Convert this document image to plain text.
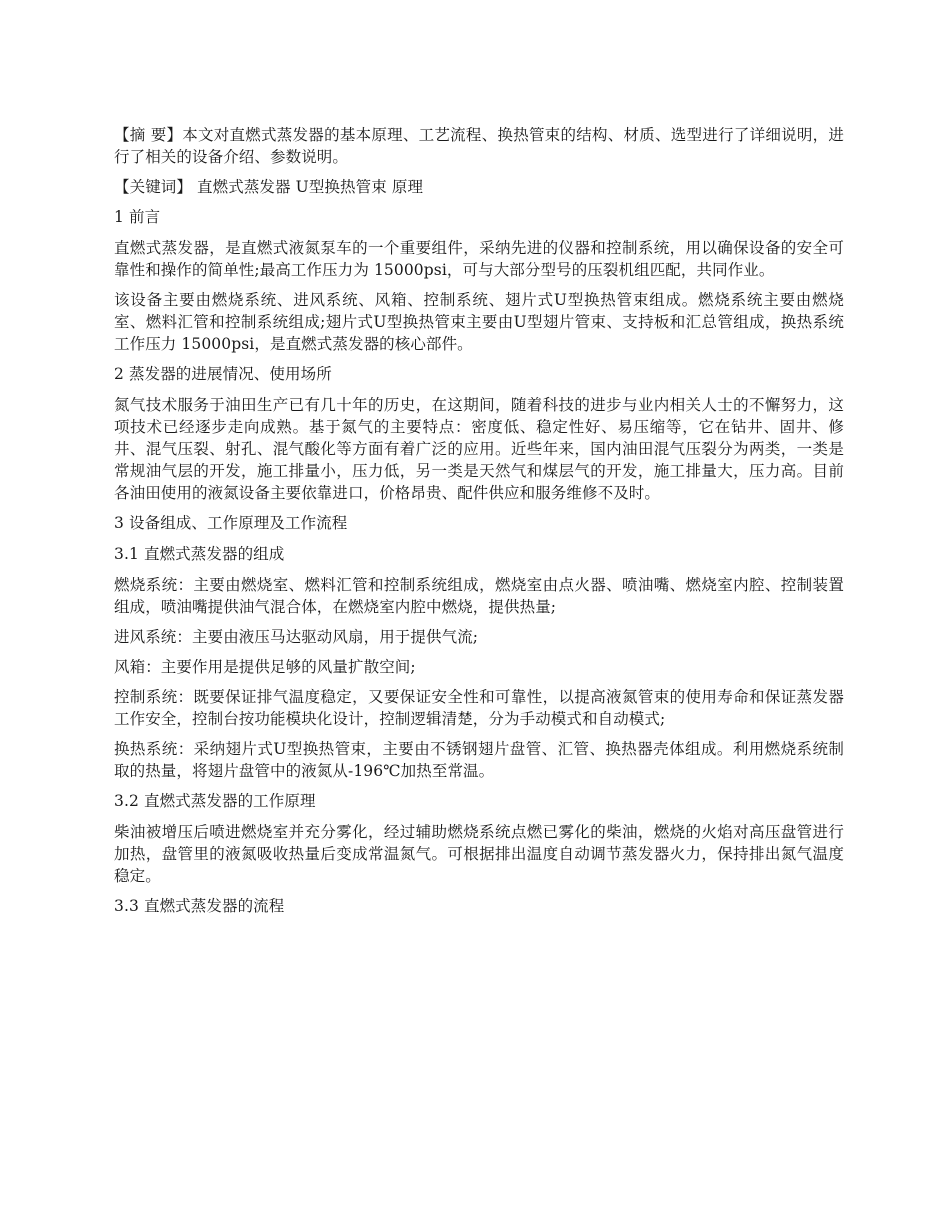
【摘 要】本文对直燃式蒸发器的基本原理、工艺流程、换热管束的结构、材质、选型进行了详细说明，进行了相关的设备介绍、参数说明。

【关键词】 直燃式蒸发器 U型换热管束 原理

1 前言

直燃式蒸发器，是直燃式液氮泵车的一个重要组件，采纳先进的仪器和控制系统，用以确保设备的安全可靠性和操作的简单性;最高工作压力为 15000psi，可与大部分型号的压裂机组匹配，共同作业。

该设备主要由燃烧系统、进风系统、风箱、控制系统、翅片式U型换热管束组成。燃烧系统主要由燃烧室、燃料汇管和控制系统组成;翅片式U型换热管束主要由U型翅片管束、支持板和汇总管组成，换热系统工作压力 15000psi，是直燃式蒸发器的核心部件。

2 蒸发器的进展情况、使用场所

氮气技术服务于油田生产已有几十年的历史，在这期间，随着科技的进步与业内相关人士的不懈努力，这项技术已经逐步走向成熟。基于氮气的主要特点：密度低、稳定性好、易压缩等，它在钻井、固井、修井、混气压裂、射孔、混气酸化等方面有着广泛的应用。近些年来，国内油田混气压裂分为两类，一类是常规油气层的开发，施工排量小，压力低，另一类是天然气和煤层气的开发，施工排量大，压力高。目前各油田使用的液氮设备主要依靠进口，价格昂贵、配件供应和服务维修不及时。

3 设备组成、工作原理及工作流程

3.1 直燃式蒸发器的组成

燃烧系统：主要由燃烧室、燃料汇管和控制系统组成，燃烧室由点火器、喷油嘴、燃烧室内腔、控制装置组成，喷油嘴提供油气混合体，在燃烧室内腔中燃烧，提供热量;

进风系统：主要由液压马达驱动风扇，用于提供气流;

风箱：主要作用是提供足够的风量扩散空间;

控制系统：既要保证排气温度稳定，又要保证安全性和可靠性，以提高液氮管束的使用寿命和保证蒸发器工作安全，控制台按功能模块化设计，控制逻辑清楚，分为手动模式和自动模式;

换热系统：采纳翅片式U型换热管束，主要由不锈钢翅片盘管、汇管、换热器壳体组成。利用燃烧系统制取的热量，将翅片盘管中的液氮从-196℃加热至常温。

3.2 直燃式蒸发器的工作原理

柴油被增压后喷进燃烧室并充分雾化，经过辅助燃烧系统点燃已雾化的柴油，燃烧的火焰对高压盘管进行加热，盘管里的液氮吸收热量后变成常温氮气。可根据排出温度自动调节蒸发器火力，保持排出氮气温度稳定。

3.3 直燃式蒸发器的流程
